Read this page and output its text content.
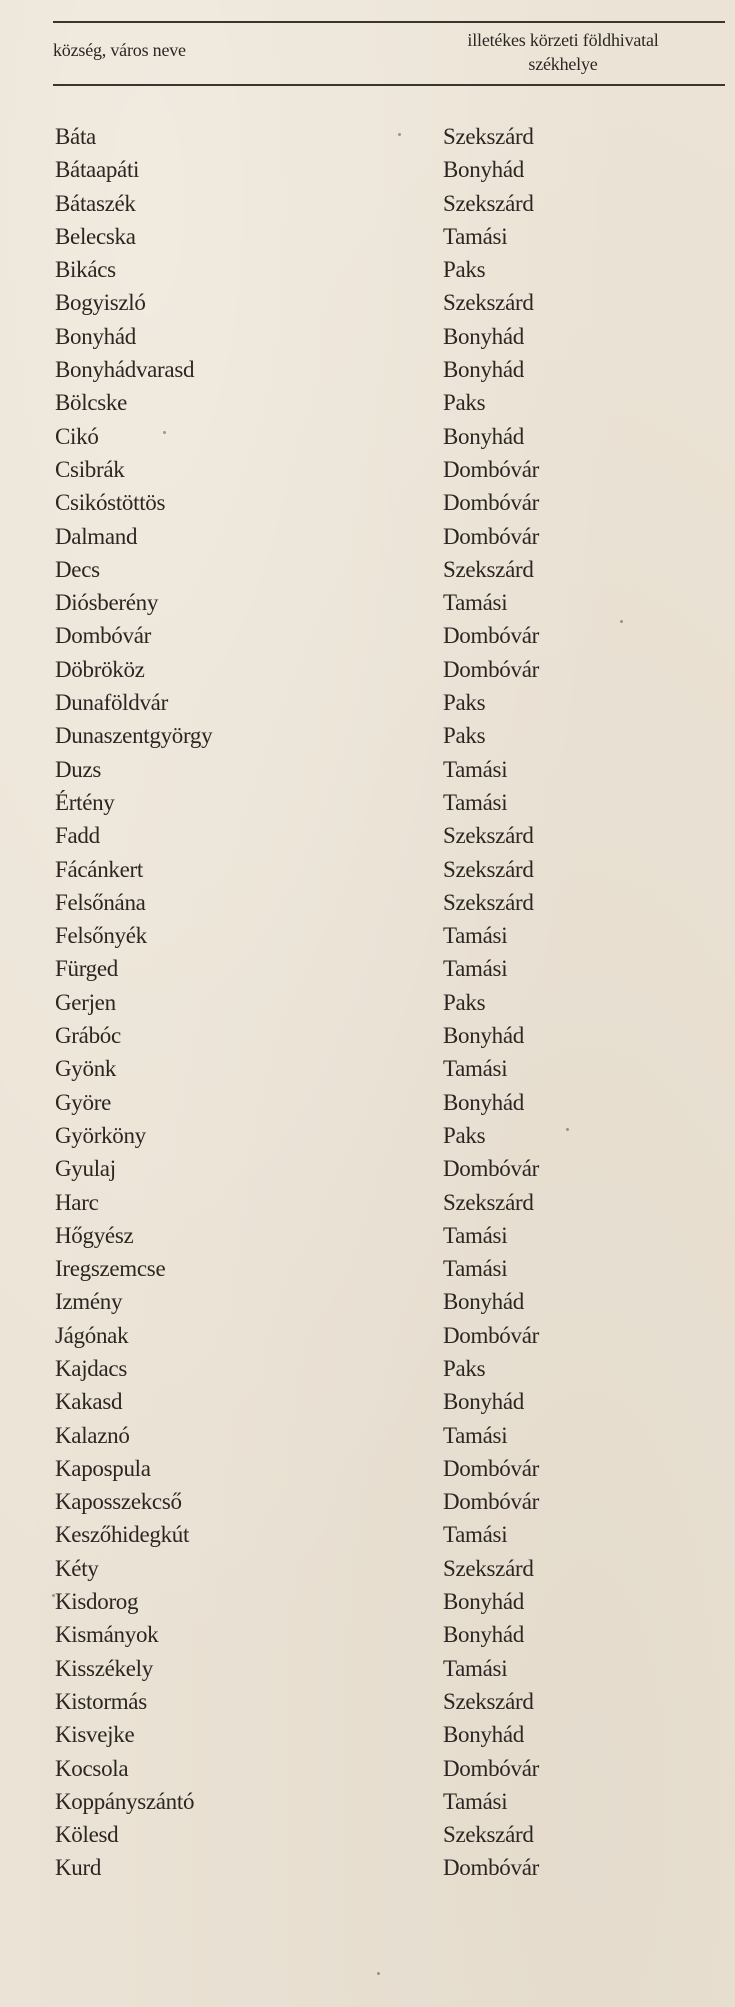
község, város neve	illetékes körzeti földhivatal
székhelye
Báta	Szekszárd
Bátaapáti	Bonyhád
Bátaszék	Szekszárd
Belecska	Tamási
Bikács	Paks
Bogyiszló	Szekszárd
Bonyhád	Bonyhád
Bonyhádvarasd	Bonyhád
Bölcske	Paks
Cikó	Bonyhád
Csibrák	Dombóvár
Csikóstöttös	Dombóvár
Dalmand	Dombóvár
Decs	Szekszárd
Diósberény	Tamási
Dombóvár	Dombóvár
Döbrököz	Dombóvár
Dunaföldvár	Paks
Dunaszentgyörgy	Paks
Duzs	Tamási
Értény	Tamási
Fadd	Szekszárd
Fácánkert	Szekszárd
Felsőnána	Szekszárd
Felsőnyék	Tamási
Fürged	Tamási
Gerjen	Paks
Grábóc	Bonyhád
Gyönk	Tamási
Györe	Bonyhád
Györköny	Paks
Gyulaj	Dombóvár
Harc	Szekszárd
Hőgyész	Tamási
Iregszemcse	Tamási
Izmény	Bonyhád
Jágónak	Dombóvár
Kajdacs	Paks
Kakasd	Bonyhád
Kalaznó	Tamási
Kapospula	Dombóvár
Kaposszekcső	Dombóvár
Keszőhidegkút	Tamási
Kéty	Szekszárd
Kisdorog	Bonyhád
Kismányok	Bonyhád
Kisszékely	Tamási
Kistormás	Szekszárd
Kisvejke	Bonyhád
Kocsola	Dombóvár
Koppányszántó	Tamási
Kölesd	Szekszárd
Kurd	Dombóvár
